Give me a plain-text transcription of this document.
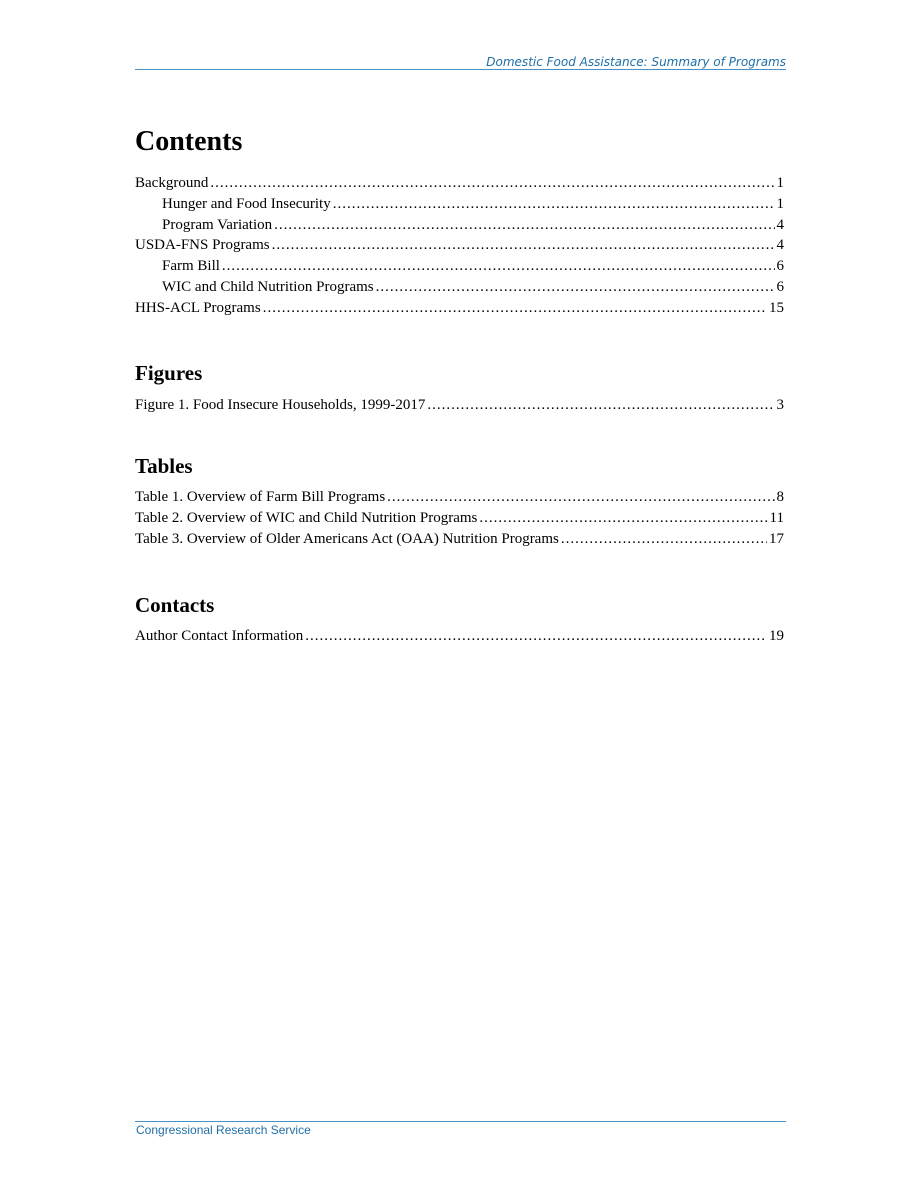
Domestic Food Assistance: Summary of Programs
Contents
Background .....	1
Hunger and Food Insecurity .....	1
Program Variation .....	4
USDA-FNS Programs .....	4
Farm Bill .....	6
WIC and Child Nutrition Programs .....	6
HHS-ACL Programs .....	15
Figures
Figure 1. Food Insecure Households, 1999-2017 .....	3
Tables
Table 1. Overview of Farm Bill Programs .....	8
Table 2. Overview of WIC and Child Nutrition Programs .....	11
Table 3. Overview of Older Americans Act (OAA) Nutrition Programs .....	17
Contacts
Author Contact Information .....	19
Congressional Research Service
